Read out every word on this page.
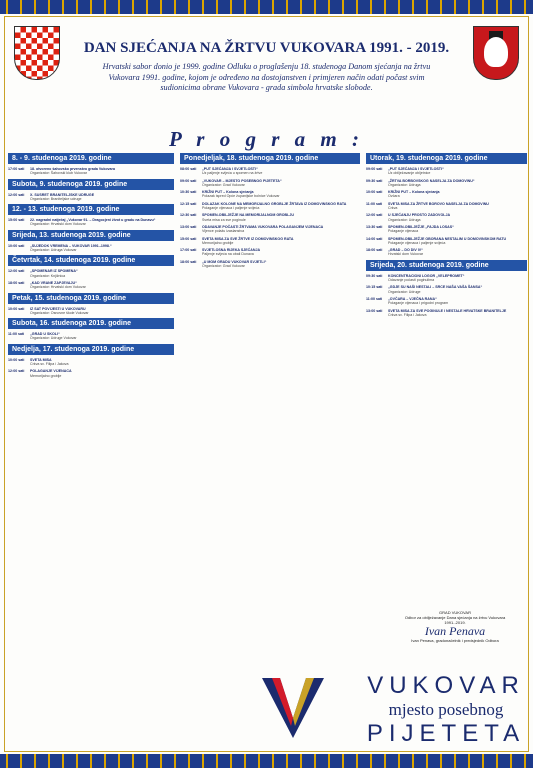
DAN SJEĆANJA NA ŽRTVU VUKOVARA 1991. - 2019.
Hrvatski sabor donio je 1999. godine Odluku o proglašenju 18. studenoga Danom sjećanja na žrtvu Vukovara 1991. godine, kojom je određeno na dostojanstven i primjeren način odati počast svim sudionicima obrane Vukovara - grada simbola hrvatske slobode.
P r o g r a m :
8. - 9. studenoga 2019. godine
17:00 sati	18. otvoreno šahovsko prvenstvo grada Vukovara
Organizator: Šahovski klub Vukovar
Subota, 9. studenoga 2019. godine
12:00 sati	X. SUSRET BRANITELJSKE UDRUGE
Organizator: Braniteljske udruge
12. - 13. studenoga 2019. godine
15:00 sati	22. nagradni natječaj „Vukovar 91. – Dragocjeni život u gradu na Dunavu“
Organizator: Hrvatski dom Vukovar
Srijeda, 13. studenoga 2019. godine
10:00 sati	„SUJEDOK VREMENA – VUKOVAR 1991.-1998.“
Organizator: Udruga Vukovar
Četvrtak, 14. studenoga 2019. godine
12:00 sati	„SPOMENAR IZ SPOMENA“
Organizator: Knjižnica
18:00 sati	„KAD VRANE ZAPJEVAJU“
Organizator: Hrvatski dom Vukovar
Petak, 15. studenoga 2019. godine
10:00 sati	IZ SAT POVIJESTI U VUKOVARU
Organizator: Osnovne škole Vukovar
Subota, 16. studenoga 2019. godine
11:00 sati	„GRAD U SKOLI“
Organizator: Udruge Vukovar
Nedjelja, 17. studenoga 2019. godine
10:00 sati	SVETA MISA
Crkva sv. Filipa i Jakova
12:00 sati	POLAGANJE VIJENACA
Memorijalno groblje
Ponedjeljak, 18. studenoga 2019. godine
08:00 sati	„PUT SJEĆANJA I SVJETLOSTI“
Uz paljenje svijeća u spomen na žrtve
09:00 sati	„VUKOVAR – MJESTO POSEBNOG PIJETETA“
Organizator: Grad Vukovar
10:30 sati	KRIŽNI PUT – Kolona sjećanja
Polazak ispred Opće županijske bolnice Vukovar
12:15 sati	DOLAZAK KOLONE NA MEMORIJALNO GROBLJE ŽRTAVA IZ DOMOVINSKOG RATA
Polaganje vijenaca i paljenje svijeća
12:30 sati	SPOMEN-OBILJEŽJE NA MEMORIJALNOM GROBLJU
Sveta misa za sve poginule
13:00 sati	ODAVANJE POČASTI ŽRTVAMA VUKOVARA POLAGANJEM VIJENACA
Vijence polažu izaslanstva
15:00 sati	SVETA MISA ZA SVE ŽRTVE IZ DOMOVINSKOG RATA
Memorijalno groblje
17:00 sati	SVJETLOSNA RIJEKA SJEĆANJA
Paljenje svijeća na obali Dunava
18:00 sati	„U MOM GRADU VUKOVAR SVJETLI“
Organizator: Grad Vukovar
Utorak, 19. studenoga 2019. godine
09:00 sati	„PUT SJEĆANJA I SVJETLOSTI“
Uz obilježavanje obljetnice
09:30 sati	„ŽRTVA BORBOVSKOG NASELJA ZA DOMOVINU“
Organizator: Udruga
10:00 sati	KRIŽNI PUT – Kolona sjećanja
Ovčara
11:00 sati	SVETA MISA ZA ŽRTVE BOROVO NASELJA ZA DOMOVINU
Crkva
12:00 sati	U SJEĆANJU PROSTO ZADOVOLJA
Organizator: Udruga
13:30 sati	SPOMEN-OBILJEŽJE „FAJDA LOSAS“
Polaganje vijenaca
14:00 sati	SPOMEN-OBILJEŽJE OBORANA NESTALIM U DOMOVINSKOM RATU
Polaganje vijenaca i paljenje svijeća
18:00 sati	„GRAD – DO DIV IV“
Hrvatski dom Vukovar
Srijeda, 20. studenoga 2019. godine
09:30 sati	KONCENTRACIONI LOGOR „VELEPROMET“
Odavanje počasti poginulima
10:15 sati	„GDJE SU NAŠI NESTALI – SRCE NAŠA VAŠA ŠANSA“
Organizator: Udruge
11:00 sati	„OVČARA – VJEČNA RANA“
Polaganje vijenaca i prigodni program
13:00 sati	SVETA MISA ZA SVE POGINULE I NESTALE HRVATSKE BRANITELJE
Crkva sv. Filipa i Jakova
GRAD VUKOVAR
Odbor za obilježavanje Dana sjećanja na žrtvu Vukovara 1991.-2019.
Ivan Penava
Ivan Penava, gradonačelnik i predsjednik Odbora
VUKOVAR
mjesto posebnog
PIJETETA
